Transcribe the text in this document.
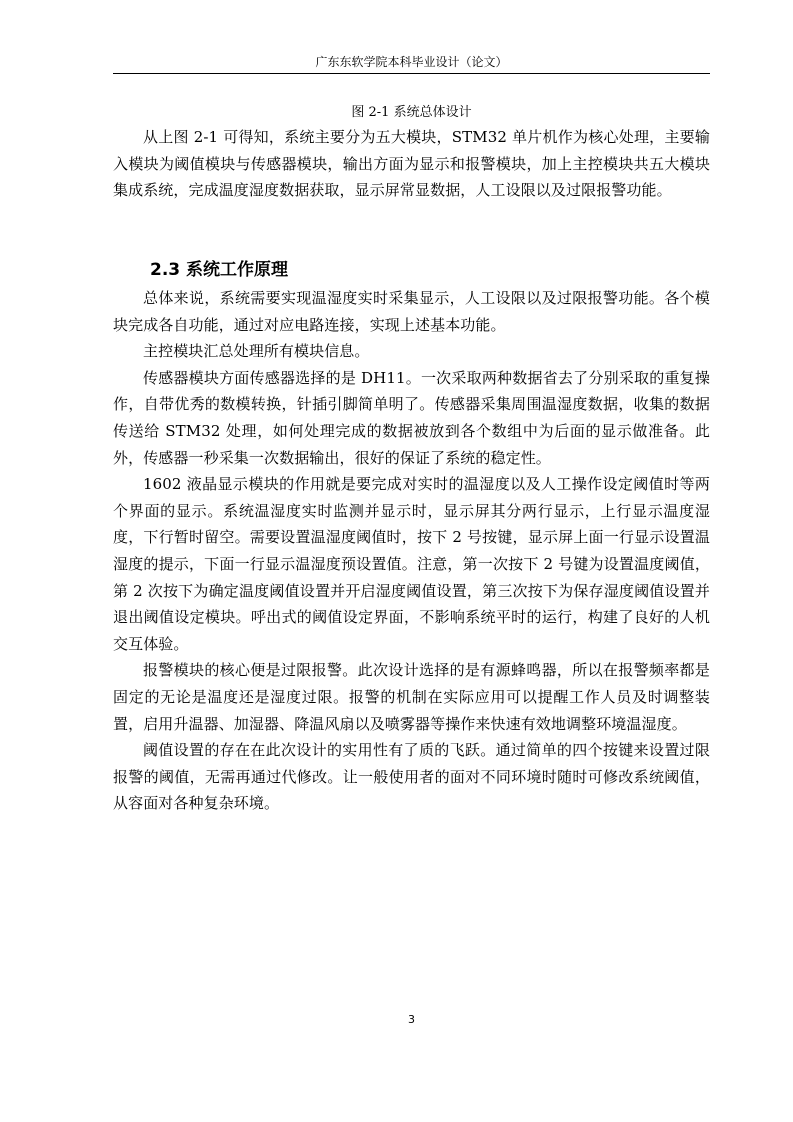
广东东软学院本科毕业设计（论文）
图 2-1 系统总体设计

从上图 2-1 可得知，系统主要分为五大模块，STM32 单片机作为核心处理，主要输入模块为阈值模块与传感器模块，输出方面为显示和报警模块，加上主控模块共五大模块集成系统，完成温度湿度数据获取，显示屏常显数据，人工设限以及过限报警功能。

2.3 系统工作原理

总体来说，系统需要实现温湿度实时采集显示，人工设限以及过限报警功能。各个模块完成各自功能，通过对应电路连接，实现上述基本功能。

主控模块汇总处理所有模块信息。

传感器模块方面传感器选择的是 DH11。一次采取两种数据省去了分别采取的重复操作，自带优秀的数模转换，针插引脚简单明了。传感器采集周围温湿度数据，收集的数据传送给 STM32 处理，如何处理完成的数据被放到各个数组中为后面的显示做准备。此外，传感器一秒采集一次数据输出，很好的保证了系统的稳定性。

1602 液晶显示模块的作用就是要完成对实时的温湿度以及人工操作设定阈值时等两个界面的显示。系统温湿度实时监测并显示时，显示屏其分两行显示，上行显示温度湿度，下行暂时留空。需要设置温湿度阈值时，按下 2 号按键，显示屏上面一行显示设置温湿度的提示，下面一行显示温湿度预设置值。注意，第一次按下 2 号键为设置温度阈值，第 2 次按下为确定温度阈值设置并开启湿度阈值设置，第三次按下为保存湿度阈值设置并退出阈值设定模块。呼出式的阈值设定界面，不影响系统平时的运行，构建了良好的人机交互体验。

报警模块的核心便是过限报警。此次设计选择的是有源蜂鸣器，所以在报警频率都是固定的无论是温度还是湿度过限。报警的机制在实际应用可以提醒工作人员及时调整装置，启用升温器、加湿器、降温风扇以及喷雾器等操作来快速有效地调整环境温湿度。

阈值设置的存在在此次设计的实用性有了质的飞跃。通过简单的四个按键来设置过限报警的阈值，无需再通过代修改。让一般使用者的面对不同环境时随时可修改系统阈值，从容面对各种复杂环境。

3
